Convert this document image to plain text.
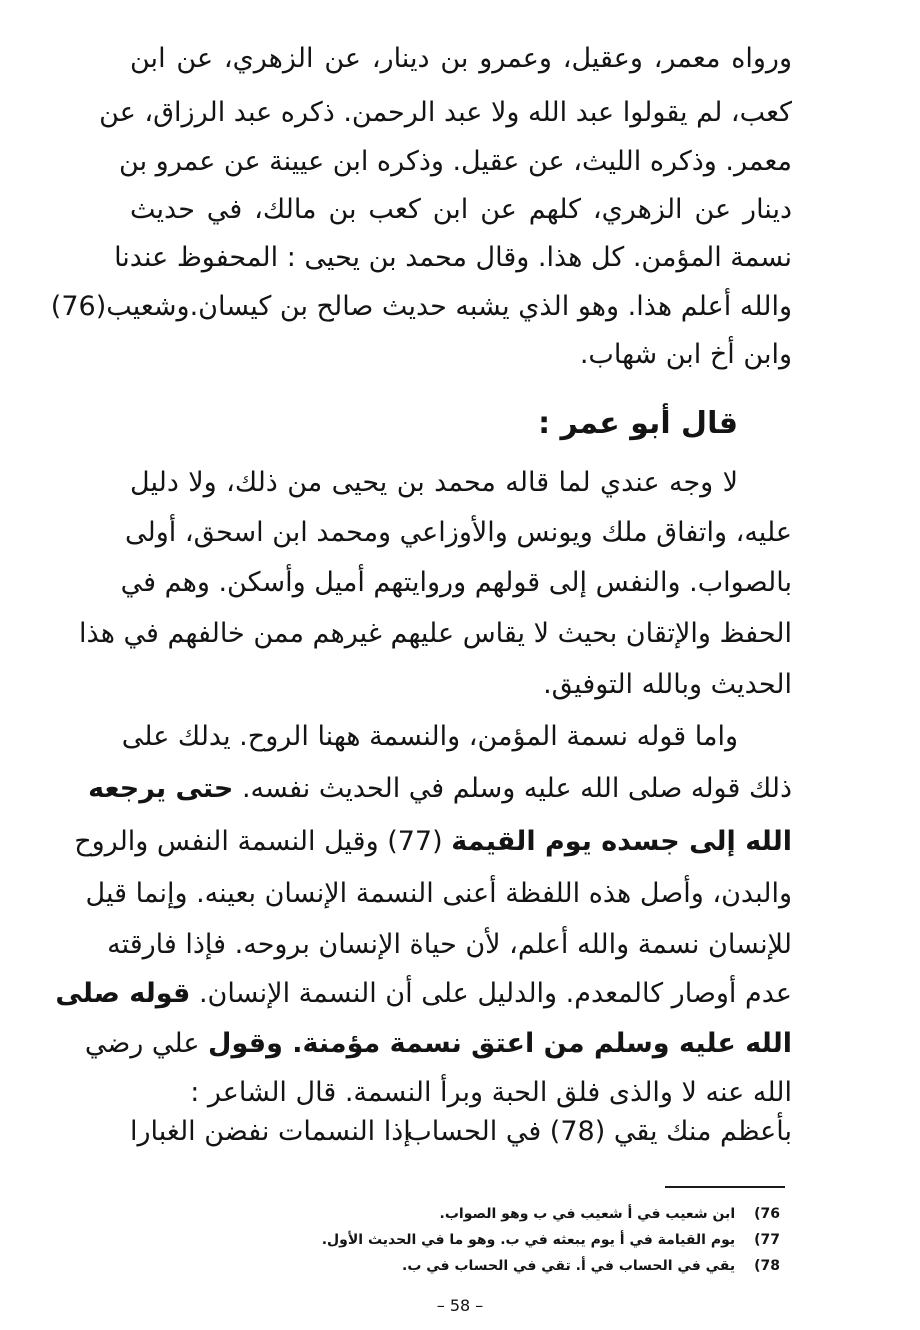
ورواه معمر، وعقيل، وعمرو بن دينار، عن الزهري، عن ابن
كعب، لم يقولوا عبد الله ولا عبد الرحمن. ذكره عبد الرزاق، عن
معمر. وذكره الليث، عن عقيل. وذكره ابن عيينة عن عمرو بن
دينار عن الزهري، كلهم عن ابن كعب بن مالك، في حديث
نسمة المؤمن. كل هذا. وقال محمد بن يحيى : المحفوظ عندنا
والله أعلم هذا. وهو الذي يشبه حديث صالح بن كيسان.وشعيب(76)
وابن أخ ابن شهاب.
قال أبو عمر :
لا وجه عندي لما قاله محمد بن يحيى من ذلك، ولا دليل
عليه، واتفاق ملك ويونس والأوزاعي ومحمد ابن اسحق، أولى
بالصواب. والنفس إلى قولهم وروايتهم أميل وأسكن. وهم في
الحفظ والإتقان بحيث لا يقاس عليهم غيرهم ممن خالفهم في هذا
الحديث وبالله التوفيق.
واما قوله نسمة المؤمن، والنسمة ههنا الروح. يدلك على
ذلك قوله صلى الله عليه وسلم في الحديث نفسه. حتى يرجعه
الله إلى جسده يوم القيمة (77) وقيل النسمة النفس والروح
والبدن، وأصل هذه اللفظة أعنى النسمة الإنسان بعينه. وإنما قيل
للإنسان نسمة والله أعلم، لأن حياة الإنسان بروحه. فإذا فارقته
عدم أوصار كالمعدم. والدليل على أن النسمة الإنسان. قوله صلى
الله عليه وسلم من اعتق نسمة مؤمنة. وقول علي رضي
الله عنه لا والذى فلق الحبة وبرأ النسمة. قال الشاعر :
بأعظم منك يقي (78) في الحساب
إذا النسمات نفضن الغبارا
76) ابن شعيب في أ شعيب في ب وهو الصواب.
77) يوم القيامة في أ يوم يبعثه في ب. وهو ما في الحديث الأول.
78) يقي في الحساب في أ. تقي في الحساب في ب.
– 58 –
